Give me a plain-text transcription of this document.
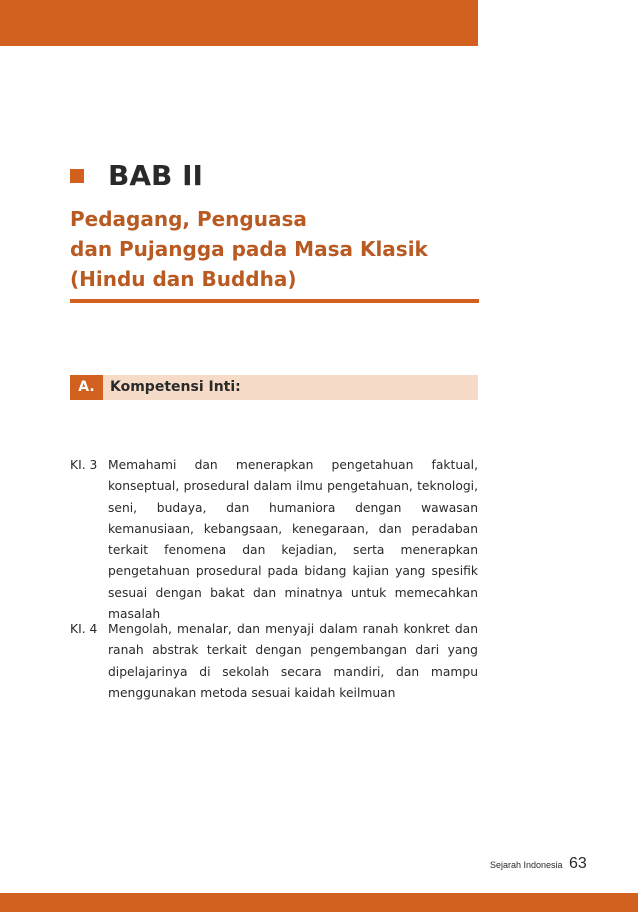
BAB II
Pedagang, Penguasa
dan Pujangga pada Masa Klasik
(Hindu dan Buddha)
A.	Kompetensi Inti:
KI. 3 Memahami dan menerapkan pengetahuan faktual, konseptual, prosedural dalam ilmu pengetahuan, teknologi, seni, budaya, dan humaniora dengan wawasan kemanusiaan, kebangsaan, kenegaraan, dan peradaban terkait fenomena dan kejadian, serta menerapkan pengetahuan prosedural pada bidang kajian yang spesifik sesuai dengan bakat dan minatnya untuk memecahkan masalah
KI. 4 Mengolah, menalar, dan menyaji dalam ranah konkret dan ranah abstrak terkait dengan pengembangan dari yang dipelajarinya di sekolah secara mandiri, dan mampu menggunakan metoda sesuai kaidah keilmuan
Sejarah Indonesia 63
